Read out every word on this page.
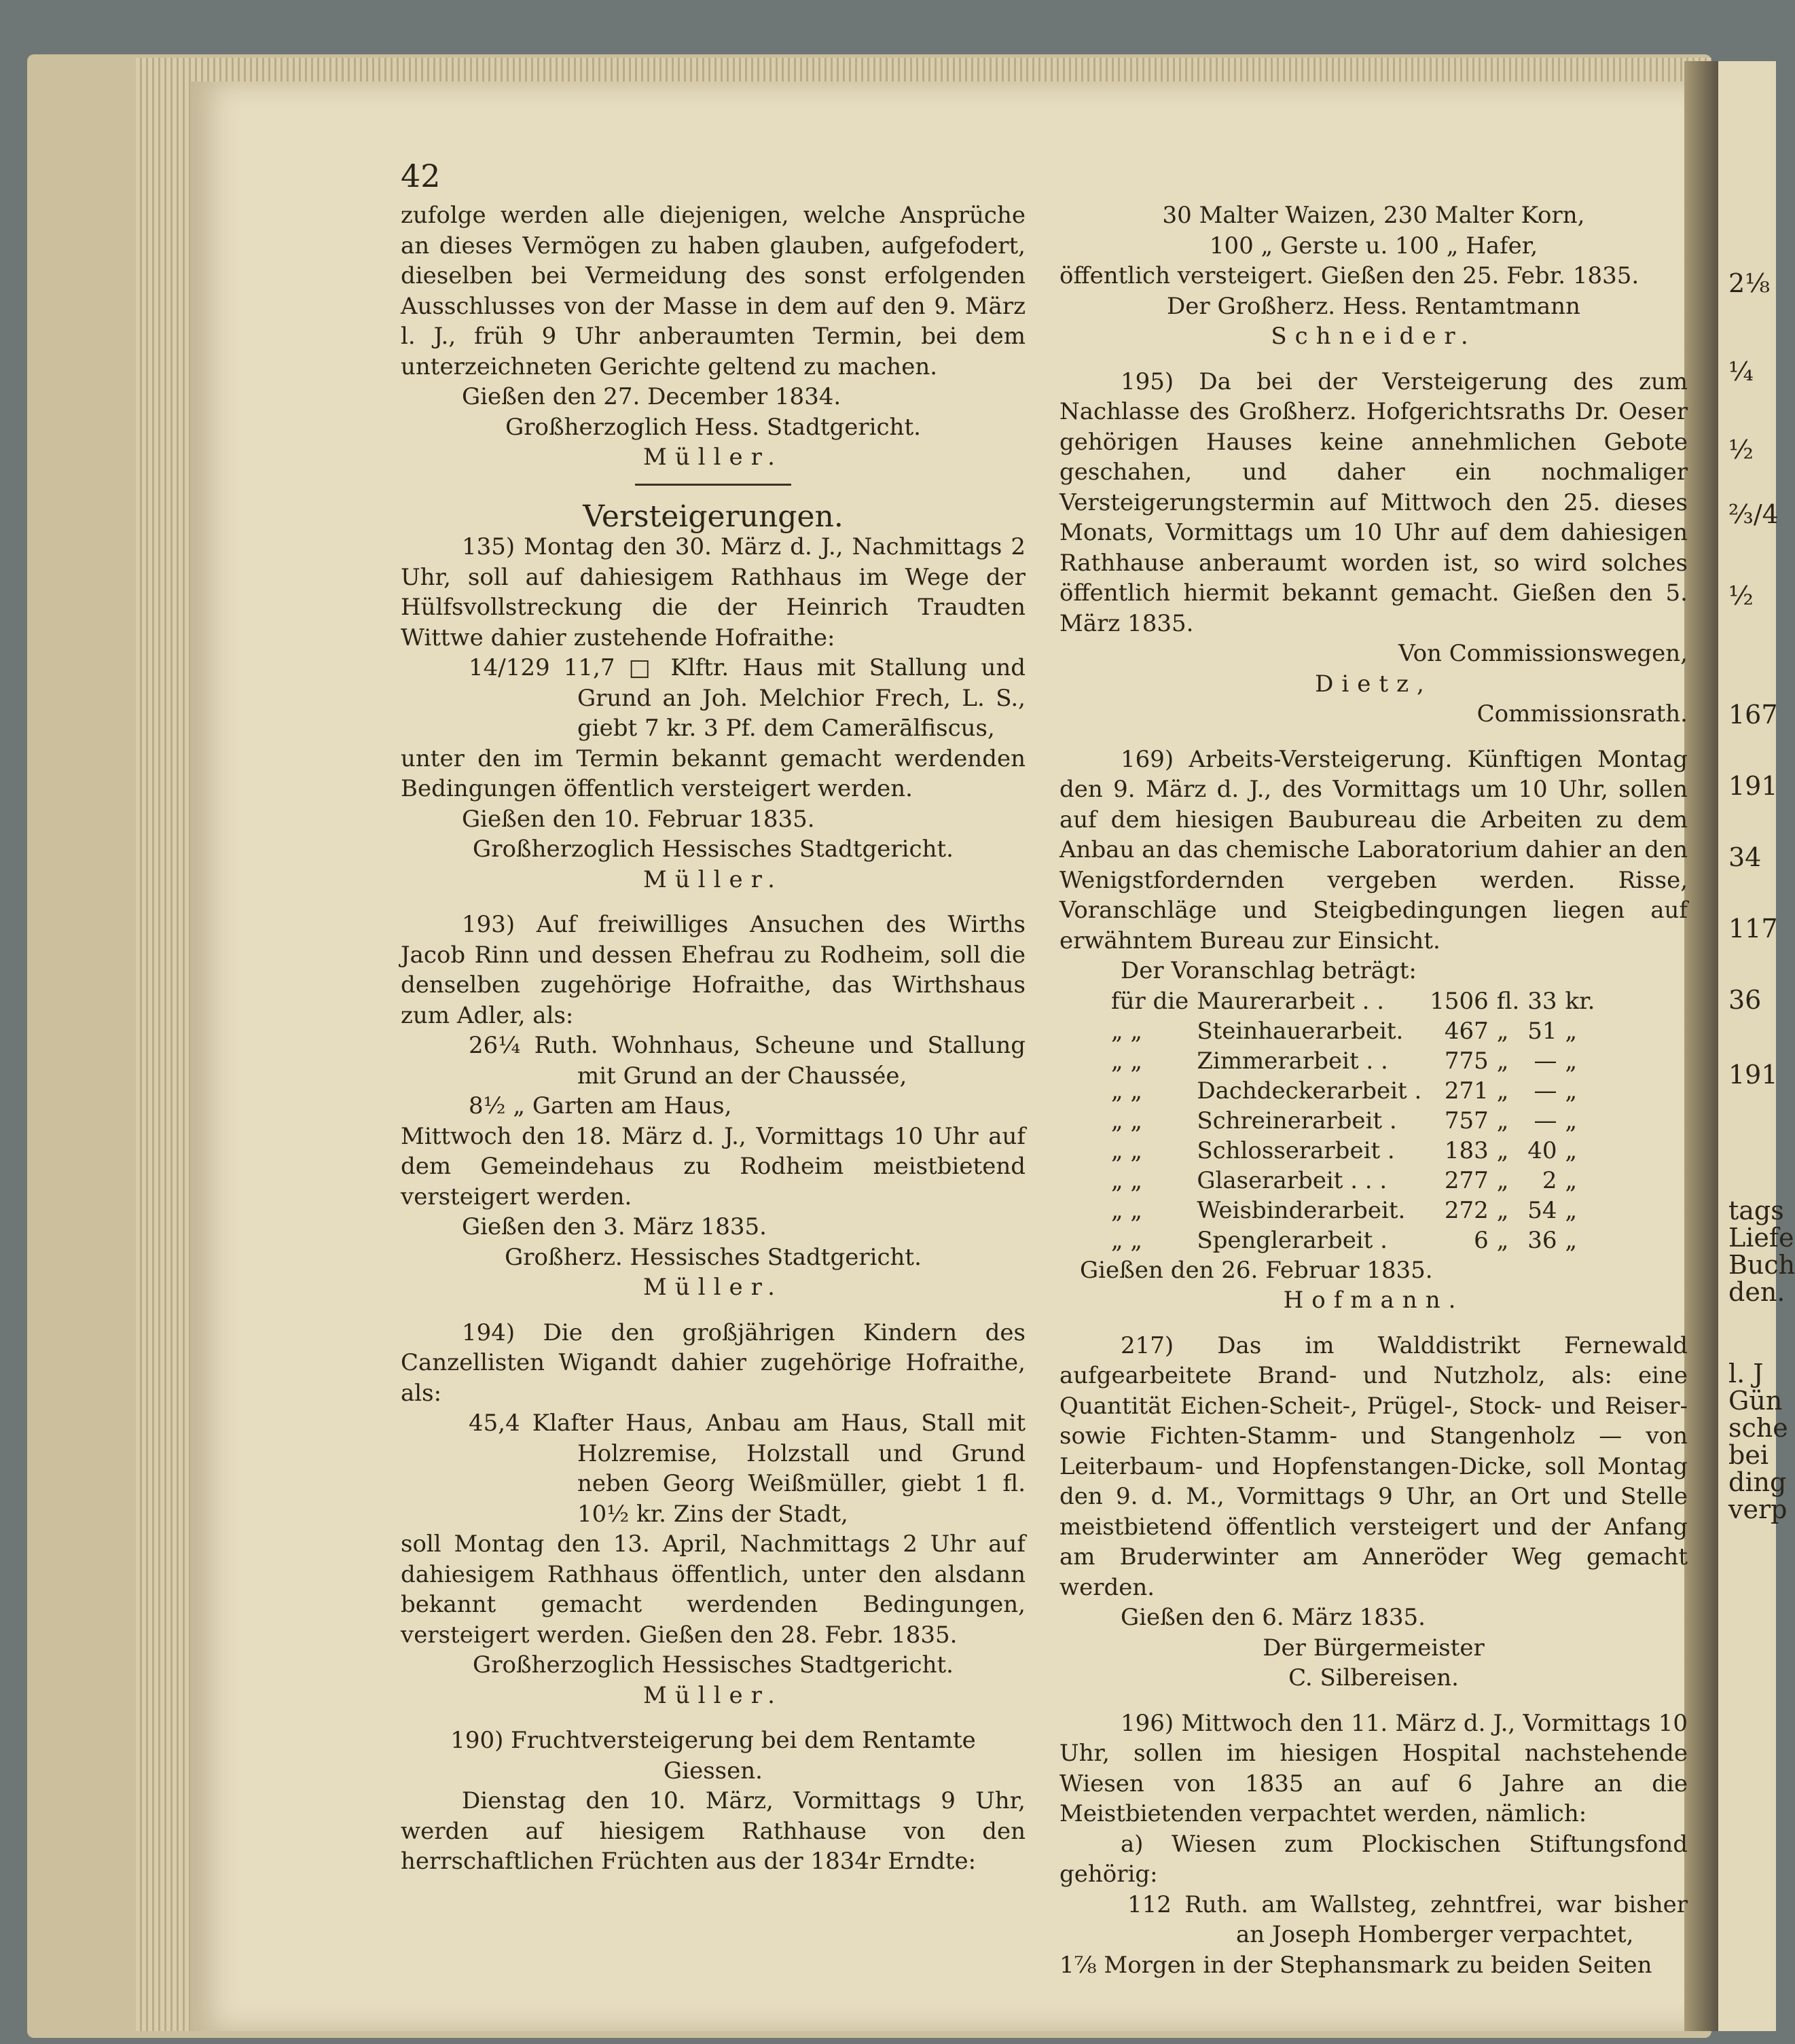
42

zufolge werden alle diejenigen, welche Ansprüche an dieses Vermögen zu haben glauben, aufgefodert, dieselben bei Vermeidung des sonst erfolgenden Ausschlusses von der Masse in dem auf den 9. März l. J., früh 9 Uhr anberaumten Termin, bei dem unterzeichneten Gerichte geltend zu machen.

Gießen den 27. December 1834.

Großherzoglich Hess. Stadtgericht.

Müller.

Versteigerungen.

135) Montag den 30. März d. J., Nachmittags 2 Uhr, soll auf dahiesigem Rathhaus im Wege der Hülfsvollstreckung die der Heinrich Traudten Wittwe dahier zustehende Hofraithe:

14/129 11,7 □ Klftr. Haus mit Stallung und Grund an Joh. Melchior Frech, L. S., giebt 7 kr. 3 Pf. dem Camerālfiscus,

unter den im Termin bekannt gemacht werdenden Bedingungen öffentlich versteigert werden.

Gießen den 10. Februar 1835.

Großherzoglich Hessisches Stadtgericht.

Müller.

193) Auf freiwilliges Ansuchen des Wirths Jacob Rinn und dessen Ehefrau zu Rodheim, soll die denselben zugehörige Hofraithe, das Wirthshaus zum Adler, als:

26¼ Ruth. Wohnhaus, Scheune und Stallung mit Grund an der Chaussée,

8½ „ Garten am Haus,

Mittwoch den 18. März d. J., Vormittags 10 Uhr auf dem Gemeindehaus zu Rodheim meistbietend versteigert werden.

Gießen den 3. März 1835.

Großherz. Hessisches Stadtgericht.

Müller.

194) Die den großjährigen Kindern des Canzellisten Wigandt dahier zugehörige Hofraithe, als:

45,4 Klafter Haus, Anbau am Haus, Stall mit Holzremise, Holzstall und Grund neben Georg Weißmüller, giebt 1 fl. 10½ kr. Zins der Stadt,

soll Montag den 13. April, Nachmittags 2 Uhr auf dahiesigem Rathhaus öffentlich, unter den alsdann bekannt gemacht werdenden Bedingungen, versteigert werden. Gießen den 28. Febr. 1835.

Großherzoglich Hessisches Stadtgericht.

Müller.

190) Fruchtversteigerung bei dem Rentamte Giessen.

Dienstag den 10. März, Vormittags 9 Uhr, werden auf hiesigem Rathhause von den herrschaftlichen Früchten aus der 1834r Erndte:

30 Malter Waizen, 230 Malter Korn,

100 „ Gerste u. 100 „ Hafer,

öffentlich versteigert. Gießen den 25. Febr. 1835.

Der Großherz. Hess. Rentamtmann

Schneider.

195) Da bei der Versteigerung des zum Nachlasse des Großherz. Hofgerichtsraths Dr. Oeser gehörigen Hauses keine annehmlichen Gebote geschahen, und daher ein nochmaliger Versteigerungstermin auf Mittwoch den 25. dieses Monats, Vormittags um 10 Uhr auf dem dahiesigen Rathhause anberaumt worden ist, so wird solches öffentlich hiermit bekannt gemacht. Gießen den 5. März 1835.

Von Commissionswegen,

Dietz,

Commissionsrath.

169) Arbeits-Versteigerung. Künftigen Montag den 9. März d. J., des Vormittags um 10 Uhr, sollen auf dem hiesigen Baubureau die Arbeiten zu dem Anbau an das chemische Laboratorium dahier an den Wenigstfordernden vergeben werden. Risse, Voranschläge und Steigbedingungen liegen auf erwähntem Bureau zur Einsicht.

Der Voranschlag beträgt:

für die	Maurerarbeit . .	1506	fl.	33	kr.
„ „	Steinhauerarbeit.	467	„	51	„
„ „	Zimmerarbeit . .	775	„	—	„
„ „	Dachdeckerarbeit .	271	„	—	„
„ „	Schreinerarbeit .	757	„	—	„
„ „	Schlosserarbeit .	183	„	40	„
„ „	Glaserarbeit . . .	277	„	2	„
„ „	Weisbinderarbeit.	272	„	54	„
„ „	Spenglerarbeit .	6	„	36	„

Gießen den 26. Februar 1835.

Hofmann.

217) Das im Walddistrikt Fernewald aufgearbeitete Brand- und Nutzholz, als: eine Quantität Eichen-Scheit-, Prügel-, Stock- und Reiser- sowie Fichten-Stamm- und Stangenholz — von Leiterbaum- und Hopfenstangen-Dicke, soll Montag den 9. d. M., Vormittags 9 Uhr, an Ort und Stelle meistbietend öffentlich versteigert und der Anfang am Bruderwinter am Anneröder Weg gemacht werden.

Gießen den 6. März 1835.

Der Bürgermeister

C. Silbereisen.

196) Mittwoch den 11. März d. J., Vormittags 10 Uhr, sollen im hiesigen Hospital nachstehende Wiesen von 1835 an auf 6 Jahre an die Meistbietenden verpachtet werden, nämlich:

a) Wiesen zum Plockischen Stiftungsfond gehörig:

112 Ruth. am Wallsteg, zehntfrei, war bisher an Joseph Homberger verpachtet,

1⅞ Morgen in der Stephansmark zu beiden Seiten

2⅛
¼
½
⅔/4
½
167
191
34
117
36
191
tags
Liefe
Buch
den.
l. J
Gün
sche
bei
ding
verp
